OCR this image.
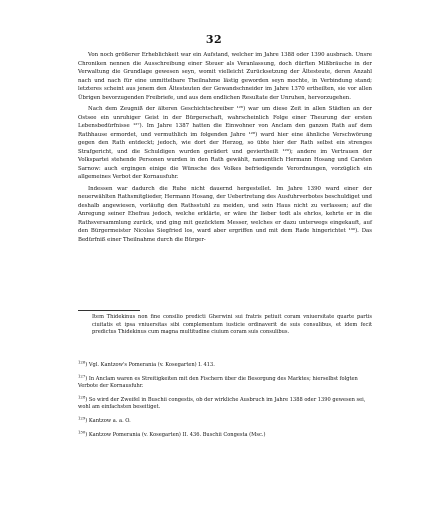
32

Von noch größerer Erheblichkeit war ein Aufstand, welcher im Jahre 1388 oder 1390 ausbrach. Unsre Chroniken nennen die Ausschreibung einer Steuer als Veranlassung, doch dürften Mißbräuche in der Verwaltung die Grundlage gewesen seyn, womit vielleicht Zurücksetzung der Ältesteute, deren Anzahl nach und nach für eine unmittelbare Theilnahme lästig geworden seyn mochte, in Verbindung stand; letzteres scheint aus jenem den Ältesteuten der Gewandschneider im Jahre 1370 ertheilten, sie vor allen Übrigen bevorzugenden Freibriefe, und aus dem endlichen Resultate der Unruhen, hervorzugehen.

Nach dem Zeugniß der älteren Geschichtschreiber ¹²⁶) war um diese Zeit in allen Städten an der Ostsee ein unruhiger Geist in der Bürgerschaft, wahrscheinlich Folge einer Theurung der ersten Lebensbedürfnisse ¹²⁷). Im Jahre 1387 hatten die Einwohner von Anclam den ganzen Rath auf dem Rathhause ermordet, und vermuthlich im folgenden Jahre ¹²⁸) ward hier eine ähnliche Verschwörung gegen den Rath entdeckt; jedoch, wie dort der Herzog, so übte hier der Rath selbst ein strenges Strafgericht, und die Schuldigen wurden gerädert und geviertheilt ¹²⁹); andere im Vertrauen der Volkspartei stehende Personen wurden in den Rath gewählt, namentlich Hermann Hosang und Carsten Sarnow: auch ergingen einige die Wünsche des Volkes befriedigende Verordnungen, vorzüglich ein allgemeines Verbot der Kornausfuhr.

Indessen war dadurch die Ruhe nicht dauernd hergestellet. Im Jahre 1390 ward einer der neuerwählten Rathsmitglieder, Hermann Hosang, der Uebertretung des Ausfuhrverbotes beschuldiget und deshalb angewiesen, vorläufig den Rathsstuhl zu meiden, und sein Haus nicht zu verlassen; auf die Anregung seiner Ehefrau jedoch, welche erklärte, er wäre ihr lieber todt als ehrlos, kehrte er in die Rathsversammlung zurück, und ging mit gezücktem Messer, welches er dazu unterwegs eingekauft, auf den Bürgermeister Nicolas Siegfried los, ward aber ergriffen und mit dem Rade hingerichtet ¹³⁰). Das Bedürfniß einer Theilnahme durch die Bürger-

Item Thidekinus non fine consilio predicti Gherwini sui fratris petiuit coram vniuersitate quarte partis ciuitatis et ipsa vniuersitas sibi complementum iusticie ordinaverit de suis consulibus, et idem fecit predictus Thidekinus cum magna multitudine ciuium coram suis consulibus.
$^{126}$) Vgl. Kantzow's Pomerania (v. Kosegarten) I. 413.
$^{127}$) In Anclam waren es Streitigkeiten mit den Fischern über die Besorgung des Marktes; hierselbst folgten Verbote der Kornausfuhr.
$^{128}$) So wird der Zweifel in Buschii congestis, ob der wirkliche Ausbruch im Jahre 1388 oder 1390 gewesen sei, wohl am einfachsten beseitiget.
$^{129}$) Kantzow a. a. O.
$^{130}$) Kantzow Pomerania (v. Kosegarten) II. 436. Buschii Congesta (Msc.)
